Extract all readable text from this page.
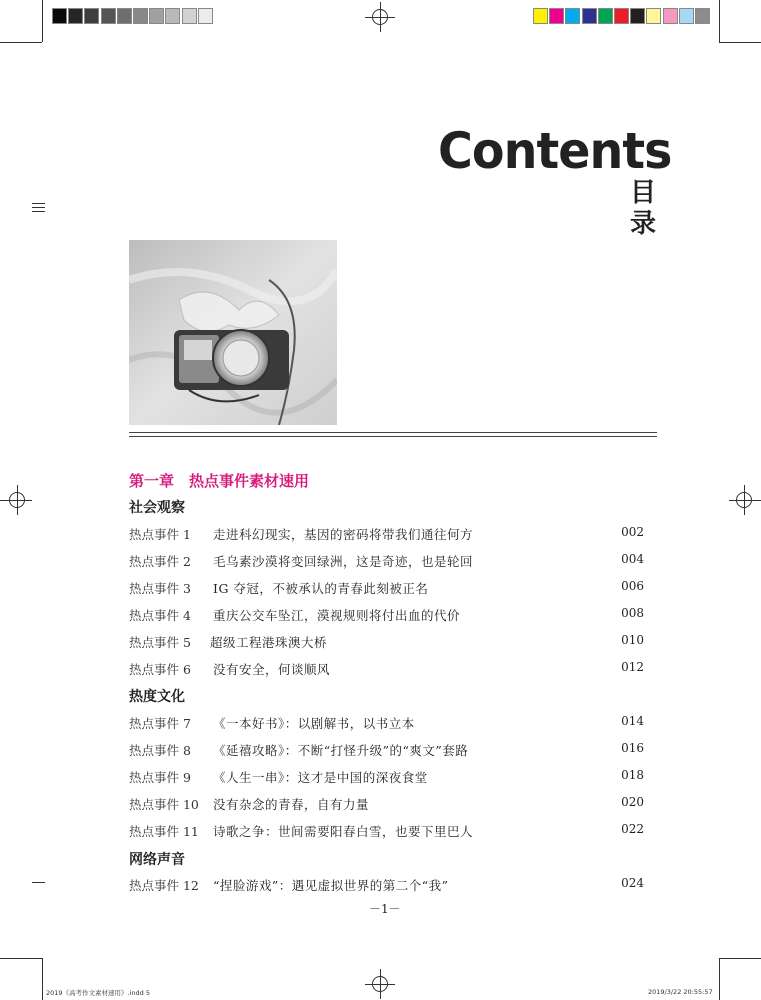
Contents
目录
第一章　热点事件素材速用
社会观察
热点事件 1 走进科幻现实，基因的密码将带我们通往何方	002
热点事件 2 毛乌素沙漠将变回绿洲，这是奇迹，也是轮回	004
热点事件 3 IG 夺冠，不被承认的青春此刻被正名	006
热点事件 4 重庆公交车坠江，漠视规则将付出血的代价	008
热点事件 5 超级工程港珠澳大桥	010
热点事件 6 没有安全，何谈顺风	012
热度文化
热点事件 7 《一本好书》：以剧解书，以书立本	014
热点事件 8 《延禧攻略》：不断“打怪升级”的“爽文”套路	016
热点事件 9 《人生一串》：这才是中国的深夜食堂	018
热点事件 10 没有杂念的青春，自有力量	020
热点事件 11 诗歌之争：世间需要阳春白雪，也要下里巴人	022
网络声音
热点事件 12 “捏脸游戏”：遇见虚拟世界的第二个“我”	024
－1－
2019《高考作文素材速用》.indd 5	2019/3/22 20:55:57
